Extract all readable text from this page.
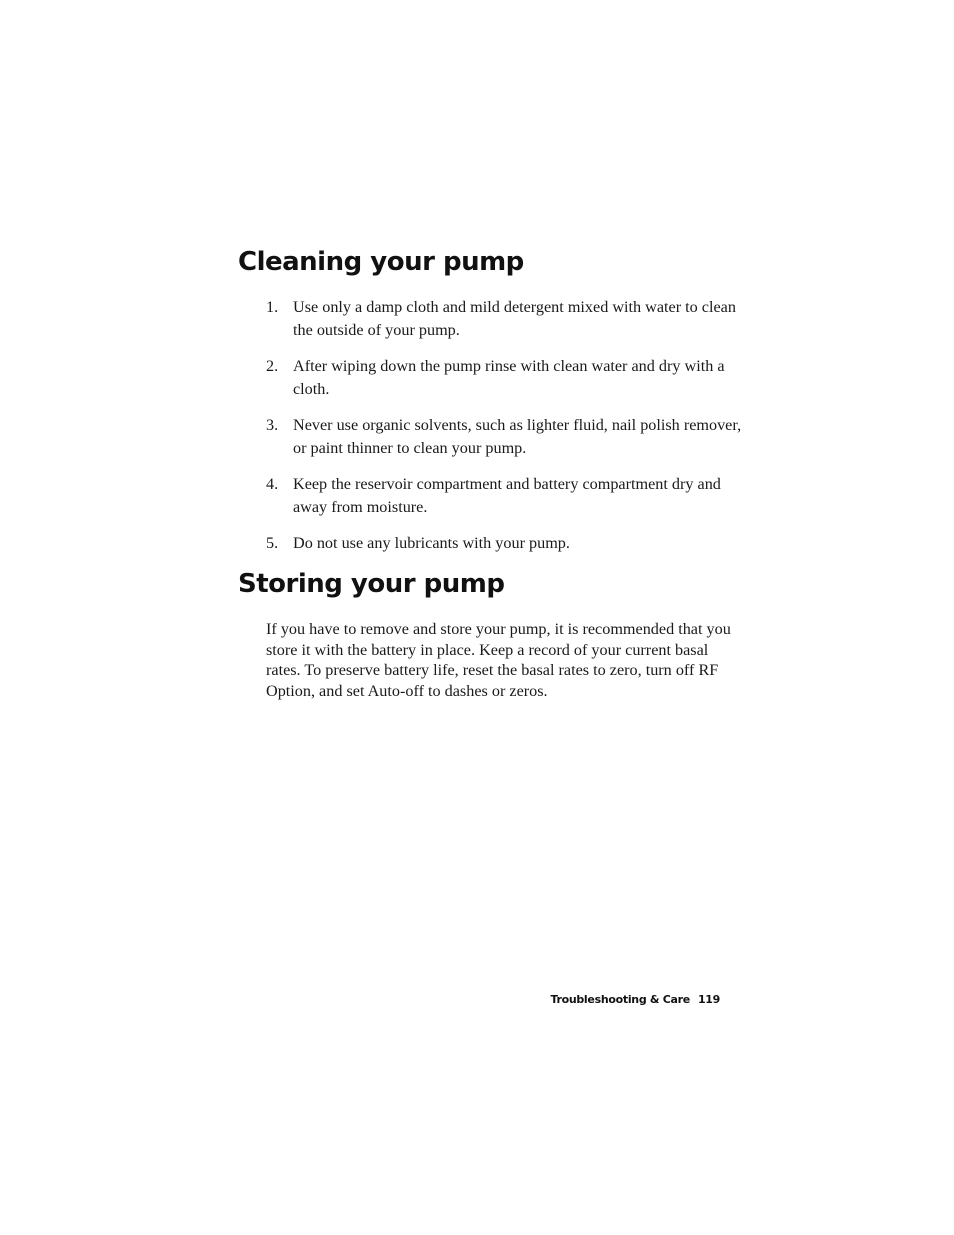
Cleaning your pump
1. Use only a damp cloth and mild detergent mixed with water to clean the outside of your pump.
2. After wiping down the pump rinse with clean water and dry with a cloth.
3. Never use organic solvents, such as lighter fluid, nail polish remover, or paint thinner to clean your pump.
4. Keep the reservoir compartment and battery compartment dry and away from moisture.
5. Do not use any lubricants with your pump.
Storing your pump

If you have to remove and store your pump, it is recommended that you store it with the battery in place. Keep a record of your current basal rates. To preserve battery life, reset the basal rates to zero, turn off RF Option, and set Auto-off to dashes or zeros.

Troubleshooting & Care 119
